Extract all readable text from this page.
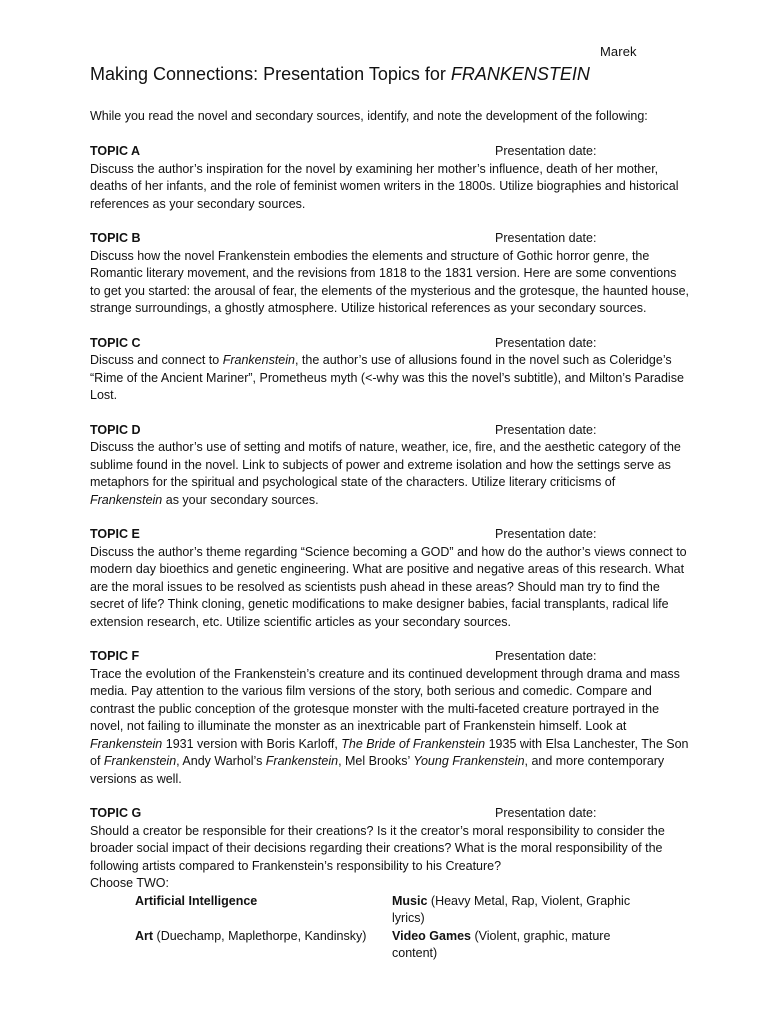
Marek
Making Connections: Presentation Topics for FRANKENSTEIN

While you read the novel and secondary sources, identify, and note the development of the following:

TOPIC A	Presentation date:

Discuss the author’s inspiration for the novel by examining her mother’s influence, death of her mother, deaths of her infants, and the role of feminist women writers in the 1800s. Utilize biographies and historical references as your secondary sources.

TOPIC B	Presentation date:

Discuss how the novel Frankenstein embodies the elements and structure of Gothic horror genre, the Romantic literary movement, and the revisions from 1818 to the 1831 version. Here are some conventions to get you started: the arousal of fear, the elements of the mysterious and the grotesque, the haunted house, strange surroundings, a ghostly atmosphere. Utilize historical references as your secondary sources.

TOPIC C	Presentation date:

Discuss and connect to Frankenstein, the author’s use of allusions found in the novel such as Coleridge’s “Rime of the Ancient Mariner”, Prometheus myth (<-why was this the novel’s subtitle), and Milton’s Paradise Lost.

TOPIC D	Presentation date:

Discuss the author’s use of setting and motifs of nature, weather, ice, fire, and the aesthetic category of the sublime found in the novel. Link to subjects of power and extreme isolation and how the settings serve as metaphors for the spiritual and psychological state of the characters. Utilize literary criticisms of Frankenstein as your secondary sources.

TOPIC E	Presentation date:

Discuss the author’s theme regarding “Science becoming a GOD” and how do the author’s views connect to modern day bioethics and genetic engineering. What are positive and negative areas of this research. What are the moral issues to be resolved as scientists push ahead in these areas? Should man try to find the secret of life? Think cloning, genetic modifications to make designer babies, facial transplants, radical life extension research, etc. Utilize scientific articles as your secondary sources.

TOPIC F	Presentation date:

Trace the evolution of the Frankenstein’s creature and its continued development through drama and mass media. Pay attention to the various film versions of the story, both serious and comedic. Compare and contrast the public conception of the grotesque monster with the multi-faceted creature portrayed in the novel, not failing to illuminate the monster as an inextricable part of Frankenstein himself. Look at Frankenstein 1931 version with Boris Karloff, The Bride of Frankenstein 1935 with Elsa Lanchester, The Son of Frankenstein, Andy Warhol’s Frankenstein, Mel Brooks’ Young Frankenstein, and more contemporary versions as well.

TOPIC G	Presentation date:

Should a creator be responsible for their creations? Is it the creator’s moral responsibility to consider the broader social impact of their decisions regarding their creations? What is the moral responsibility of the following artists compared to Frankenstein’s responsibility to his Creature?

Choose TWO:
Artificial Intelligence	Music (Heavy Metal, Rap, Violent, Graphic lyrics)
Art (Duechamp, Maplethorpe, Kandinsky)	Video Games (Violent, graphic, mature content)
